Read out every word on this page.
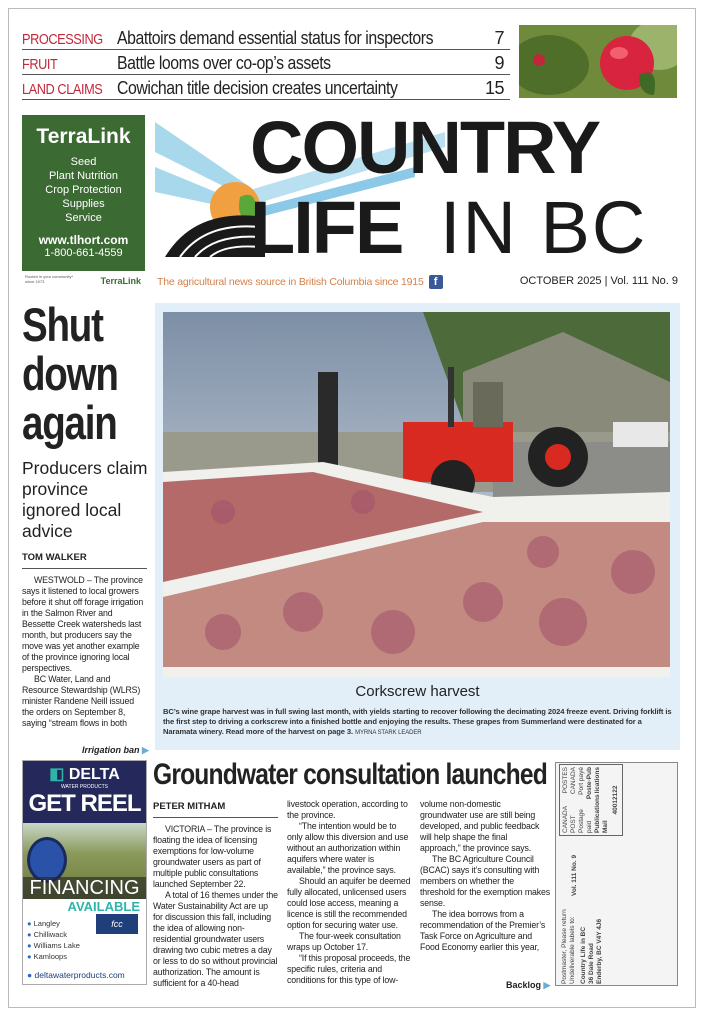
PROCESSING Abattoirs demand essential status for inspectors	7
FRUIT	Battle looms over co-op’s assets	9
LAND CLAIMS Cowichan title decision creates uncertainty	15
TerraLink
Seed
Plant Nutrition
Crop Protection
Supplies
Service
www.tlhort.com
1-800-661-4559
Rooted in your community* since 1973	TerraLink
COUNTRY
LIFE IN BC
The agricultural news source in British Columbia since 1915 f	OCTOBER 2025 | Vol. 111 No. 9
Shut down again
Producers claim province ignored local advice
TOM WALKER

WESTWOLD – The province says it listened to local growers before it shut off forage irrigation in the Salmon River and Bessette Creek watersheds last month, but producers say the move was yet another example of the province ignoring local perspectives.

BC Water, Land and Resource Stewardship (WLRS) minister Randene Neill issued the orders on September 8, saying “stream flows in both

Irrigation ban ▶
Corkscrew harvest
BC’s wine grape harvest was in full swing last month, with yields starting to recover following the decimating 2024 freeze event. Driving forklift is the first step to driving a corkscrew into a finished bottle and enjoying the results. These grapes from Summerland were destinated for a Naramata winery. Read more of the harvest on page 3. MYRNA STARK LEADER
◧ DELTA
WATER PRODUCTS
GET REEL
FINANCING
AVAILABLE
● Langley
● Chilliwack
● Williams Lake
● Kamloops
fcc
● deltawaterproducts.com
Groundwater consultation launched
PETER MITHAM

VICTORIA – The province is floating the idea of licensing exemptions for low-volume groundwater users as part of multiple public consultations launched September 22.

A total of 16 themes under the Water Sustainability Act are up for discussion this fall, including the idea of allowing non-residential groundwater users drawing two cubic metres a day or less to do so without provincial authorization. The amount is sufficient for a 40-head

livestock operation, according to the province.

“The intention would be to only allow this diversion and use without an authorization within aquifers where water is available,” the province says.

Should an aquifer be deemed fully allocated, unlicensed users could lose access, meaning a licence is still the recommended option for securing water use.

The four-week consultation wraps up October 17.

“If this proposal proceeds, the specific rules, criteria and conditions for this type of low-

volume non-domestic groundwater use are still being developed, and public feedback will help shape the final approach,” the province says.

The BC Agriculture Council (BCAC) says it’s consulting with members on whether the threshold for the exemption makes sense.

The idea borrows from a recommendation of the Premier’s Task Force on Agriculture and Food Economy earlier this year,

Backlog ▶
Postmaster, Please return Undeliverable labels to: Country Life in BC 36 Dale Road Enderby, BC V4Y 4J6
Vol. 111 No. 9
CANADA POST Postage paid Publications Mail
POSTES CANADA Port payé Poste-Publications
40012122
